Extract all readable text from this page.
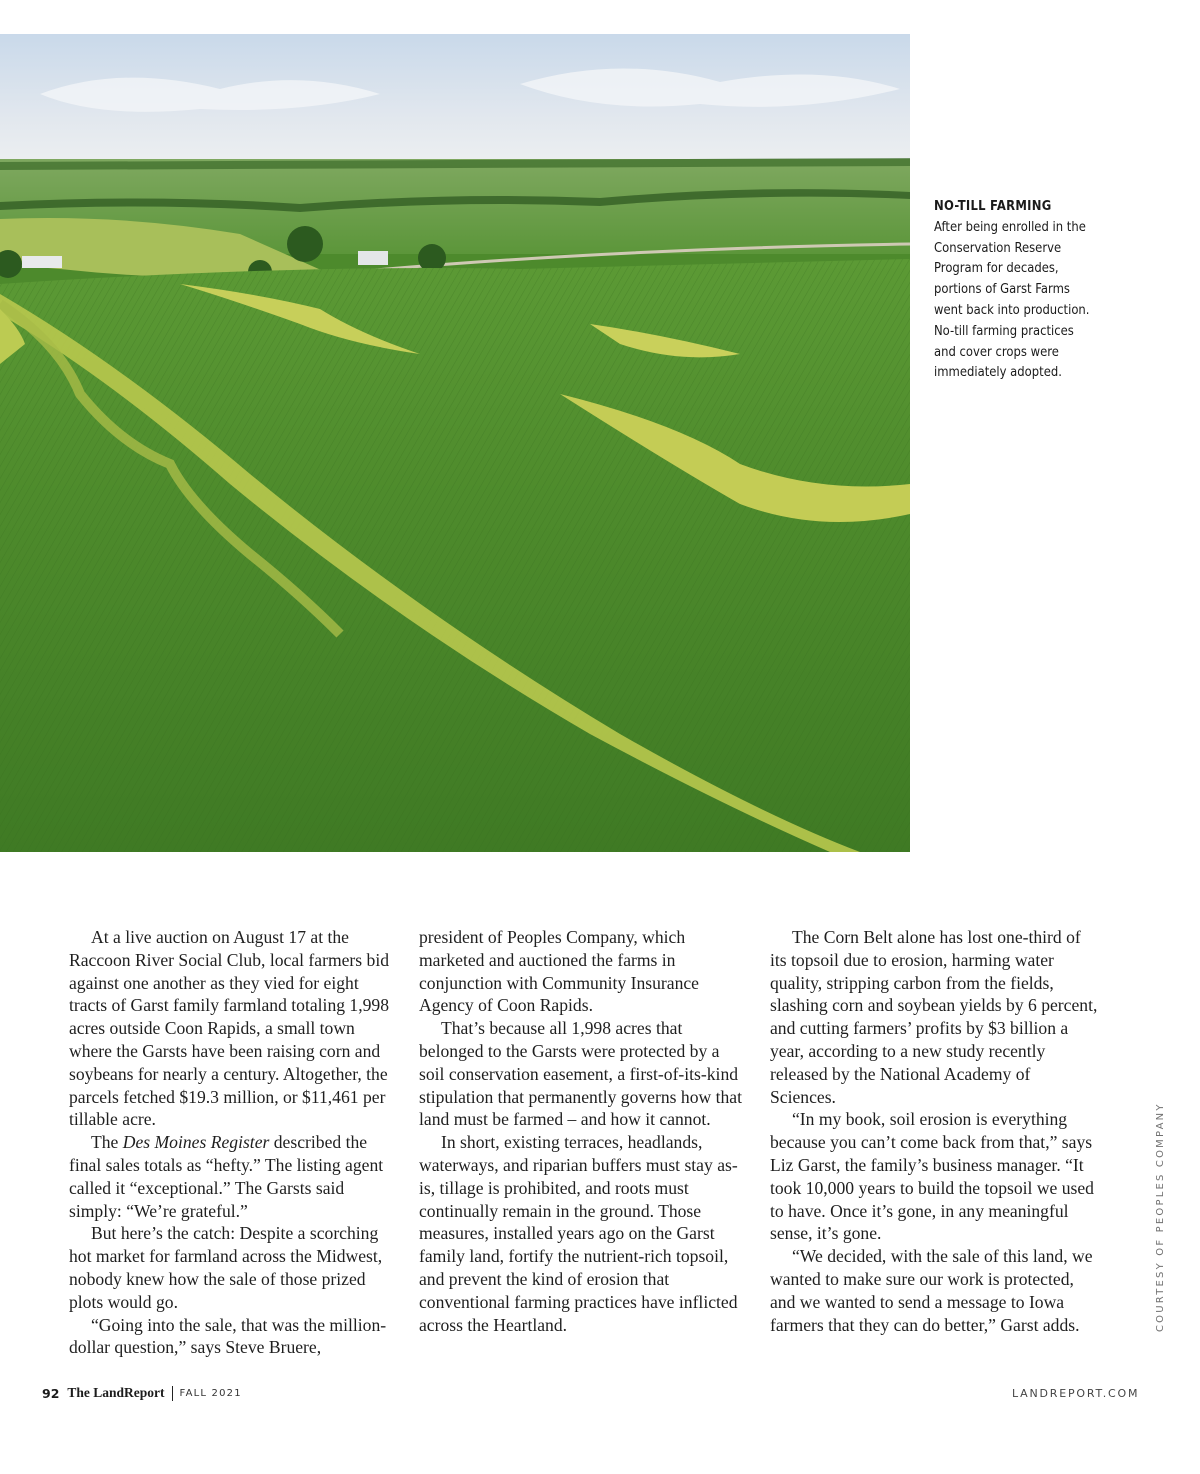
NO-TILL FARMING
After being enrolled in the Conservation Reserve Program for decades, portions of Garst Farms went back into production. No-till farming practices and cover crops were immediately adopted.
COURTESY OF PEOPLES COMPANY

At a live auction on August 17 at the Raccoon River Social Club, local farmers bid against one another as they vied for eight tracts of Garst family farmland totaling 1,998 acres outside Coon Rapids, a small town where the Garsts have been raising corn and soybeans for nearly a century. Altogether, the parcels fetched $19.3 million, or $11,461 per tillable acre.

The Des Moines Register described the final sales totals as “hefty.” The listing agent called it “exceptional.” The Garsts said simply: “We’re grateful.”

But here’s the catch: Despite a scorching hot market for farmland across the Midwest, nobody knew how the sale of those prized plots would go.

“Going into the sale, that was the million-dollar question,” says Steve Bruere,

president of Peoples Company, which marketed and auctioned the farms in conjunction with Community Insurance Agency of Coon Rapids.

That’s because all 1,998 acres that belonged to the Garsts were protected by a soil conservation easement, a first-of-its-kind stipulation that permanently governs how that land must be farmed – and how it cannot.

In short, existing terraces, headlands, waterways, and riparian buffers must stay as-is, tillage is prohibited, and roots must continually remain in the ground. Those measures, installed years ago on the Garst family land, fortify the nutrient-rich topsoil, and prevent the kind of erosion that conventional farming practices have inflicted across the Heartland.

The Corn Belt alone has lost one-third of its topsoil due to erosion, harming water quality, stripping carbon from the fields, slashing corn and soybean yields by 6 percent, and cutting farmers’ profits by $3 billion a year, according to a new study recently released by the National Academy of Sciences.

“In my book, soil erosion is everything because you can’t come back from that,” says Liz Garst, the family’s business manager. “It took 10,000 years to build the topsoil we used to have. Once it’s gone, in any meaningful sense, it’s gone.

“We decided, with the sale of this land, we wanted to make sure our work is protected, and we wanted to send a message to Iowa farmers that they can do better,” Garst adds.

92 The LandReport FALL 2021	LANDREPORT.COM
